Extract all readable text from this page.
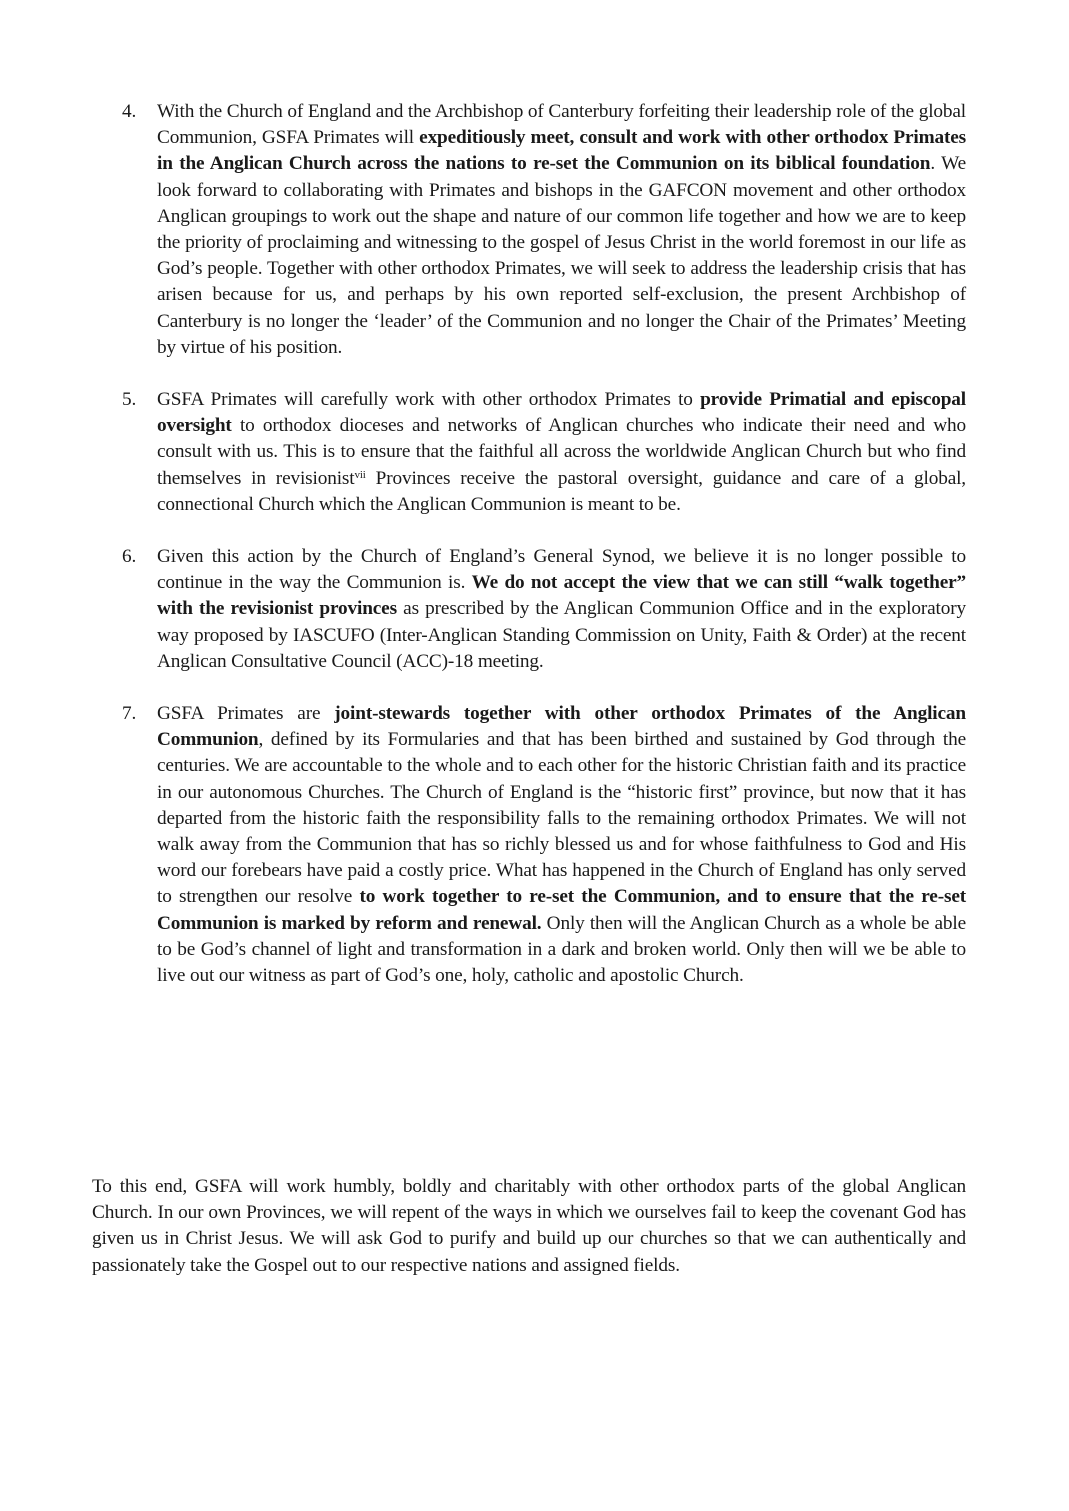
4. With the Church of England and the Archbishop of Canterbury forfeiting their leadership role of the global Communion, GSFA Primates will expeditiously meet, consult and work with other orthodox Primates in the Anglican Church across the nations to re-set the Communion on its biblical foundation. We look forward to collaborating with Primates and bishops in the GAFCON movement and other orthodox Anglican groupings to work out the shape and nature of our common life together and how we are to keep the priority of proclaiming and witnessing to the gospel of Jesus Christ in the world foremost in our life as God’s people. Together with other orthodox Primates, we will seek to address the leadership crisis that has arisen because for us, and perhaps by his own reported self-exclusion, the present Archbishop of Canterbury is no longer the ‘leader’ of the Communion and no longer the Chair of the Primates’ Meeting by virtue of his position.

5. GSFA Primates will carefully work with other orthodox Primates to provide Primatial and episcopal oversight to orthodox dioceses and networks of Anglican churches who indicate their need and who consult with us. This is to ensure that the faithful all across the worldwide Anglican Church but who find themselves in revisionist$^{vii}$ Provinces receive the pastoral oversight, guidance and care of a global, connectional Church which the Anglican Communion is meant to be.

6. Given this action by the Church of England’s General Synod, we believe it is no longer possible to continue in the way the Communion is. We do not accept the view that we can still “walk together” with the revisionist provinces as prescribed by the Anglican Communion Office and in the exploratory way proposed by IASCUFO (Inter-Anglican Standing Commission on Unity, Faith & Order) at the recent Anglican Consultative Council (ACC)-18 meeting.

7. GSFA Primates are joint-stewards together with other orthodox Primates of the Anglican Communion, defined by its Formularies and that has been birthed and sustained by God through the centuries. We are accountable to the whole and to each other for the historic Christian faith and its practice in our autonomous Churches. The Church of England is the “historic first” province, but now that it has departed from the historic faith the responsibility falls to the remaining orthodox Primates. We will not walk away from the Communion that has so richly blessed us and for whose faithfulness to God and His word our forebears have paid a costly price. What has happened in the Church of England has only served to strengthen our resolve to work together to re-set the Communion, and to ensure that the re-set Communion is marked by reform and renewal. Only then will the Anglican Church as a whole be able to be God’s channel of light and transformation in a dark and broken world. Only then will we be able to live out our witness as part of God’s one, holy, catholic and apostolic Church.

To this end, GSFA will work humbly, boldly and charitably with other orthodox parts of the global Anglican Church. In our own Provinces, we will repent of the ways in which we ourselves fail to keep the covenant God has given us in Christ Jesus. We will ask God to purify and build up our churches so that we can authentically and passionately take the Gospel out to our respective nations and assigned fields.
